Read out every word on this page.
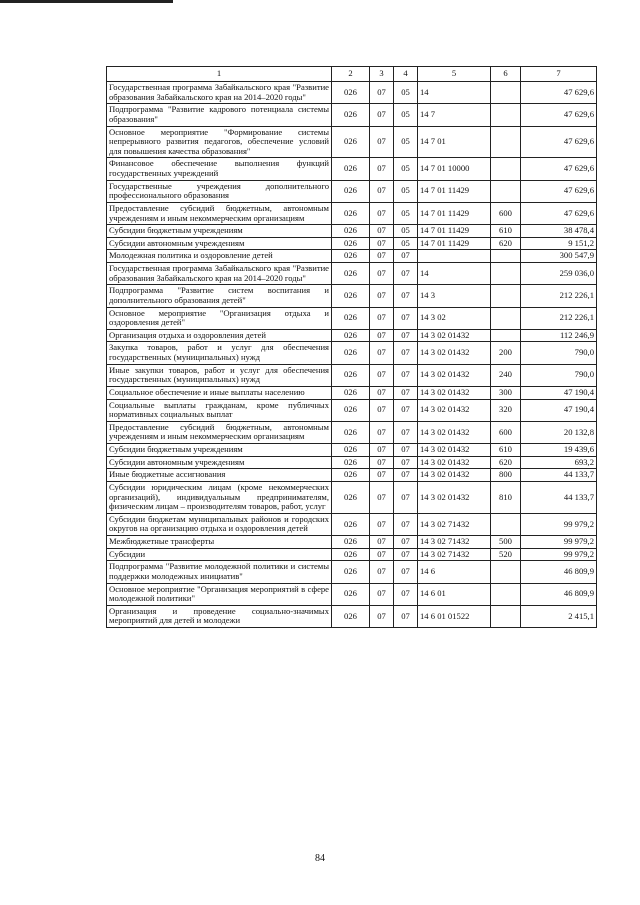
1	2	3	4	5	6	7
Государственная программа Забайкальского края "Развитие образования Забайкальского края на 2014–2020 годы"	026	07	05	14		47 629,6
Подпрограмма "Развитие кадрового потенциала системы образования"	026	07	05	14 7		47 629,6
Основное мероприятие "Формирование системы непрерывного развития педагогов, обеспечение условий для повышения качества образования"	026	07	05	14 7 01		47 629,6
Финансовое обеспечение выполнения функций государственных учреждений	026	07	05	14 7 01 10000		47 629,6
Государственные учреждения дополнительного профессионального образования	026	07	05	14 7 01 11429		47 629,6
Предоставление субсидий бюджетным, автономным учреждениям и иным некоммерческим организациям	026	07	05	14 7 01 11429	600	47 629,6
Субсидии бюджетным учреждениям	026	07	05	14 7 01 11429	610	38 478,4
Субсидии автономным учреждениям	026	07	05	14 7 01 11429	620	9 151,2
Молодежная политика и оздоровление детей	026	07	07			300 547,9
Государственная программа Забайкальского края "Развитие образования Забайкальского края на 2014–2020 годы"	026	07	07	14		259 036,0
Подпрограмма "Развитие систем воспитания и дополнительного образования детей"	026	07	07	14 3		212 226,1
Основное мероприятие "Организация отдыха и оздоровления детей"	026	07	07	14 3 02		212 226,1
Организация отдыха и оздоровления детей	026	07	07	14 3 02 01432		112 246,9
Закупка товаров, работ и услуг для обеспечения государственных (муниципальных) нужд	026	07	07	14 3 02 01432	200	790,0
Иные закупки товаров, работ и услуг для обеспечения государственных (муниципальных) нужд	026	07	07	14 3 02 01432	240	790,0
Социальное обеспечение и иные выплаты населению	026	07	07	14 3 02 01432	300	47 190,4
Социальные выплаты гражданам, кроме публичных нормативных социальных выплат	026	07	07	14 3 02 01432	320	47 190,4
Предоставление субсидий бюджетным, автономным учреждениям и иным некоммерческим организациям	026	07	07	14 3 02 01432	600	20 132,8
Субсидии бюджетным учреждениям	026	07	07	14 3 02 01432	610	19 439,6
Субсидии автономным учреждениям	026	07	07	14 3 02 01432	620	693,2
Иные бюджетные ассигнования	026	07	07	14 3 02 01432	800	44 133,7
Субсидии юридическим лицам (кроме некоммерческих организаций), индивидуальным предпринимателям, физическим лицам – производителям товаров, работ, услуг	026	07	07	14 3 02 01432	810	44 133,7
Субсидии бюджетам муниципальных районов и городских округов на организацию отдыха и оздоровления детей	026	07	07	14 3 02 71432		99 979,2
Межбюджетные трансферты	026	07	07	14 3 02 71432	500	99 979,2
Субсидии	026	07	07	14 3 02 71432	520	99 979,2
Подпрограмма "Развитие молодежной политики и системы поддержки молодежных инициатив"	026	07	07	14 6		46 809,9
Основное мероприятие "Организация мероприятий в сфере молодежной политики"	026	07	07	14 6 01		46 809,9
Организация и проведение социально-значимых мероприятий для детей и молодежи	026	07	07	14 6 01 01522		2 415,1
84
